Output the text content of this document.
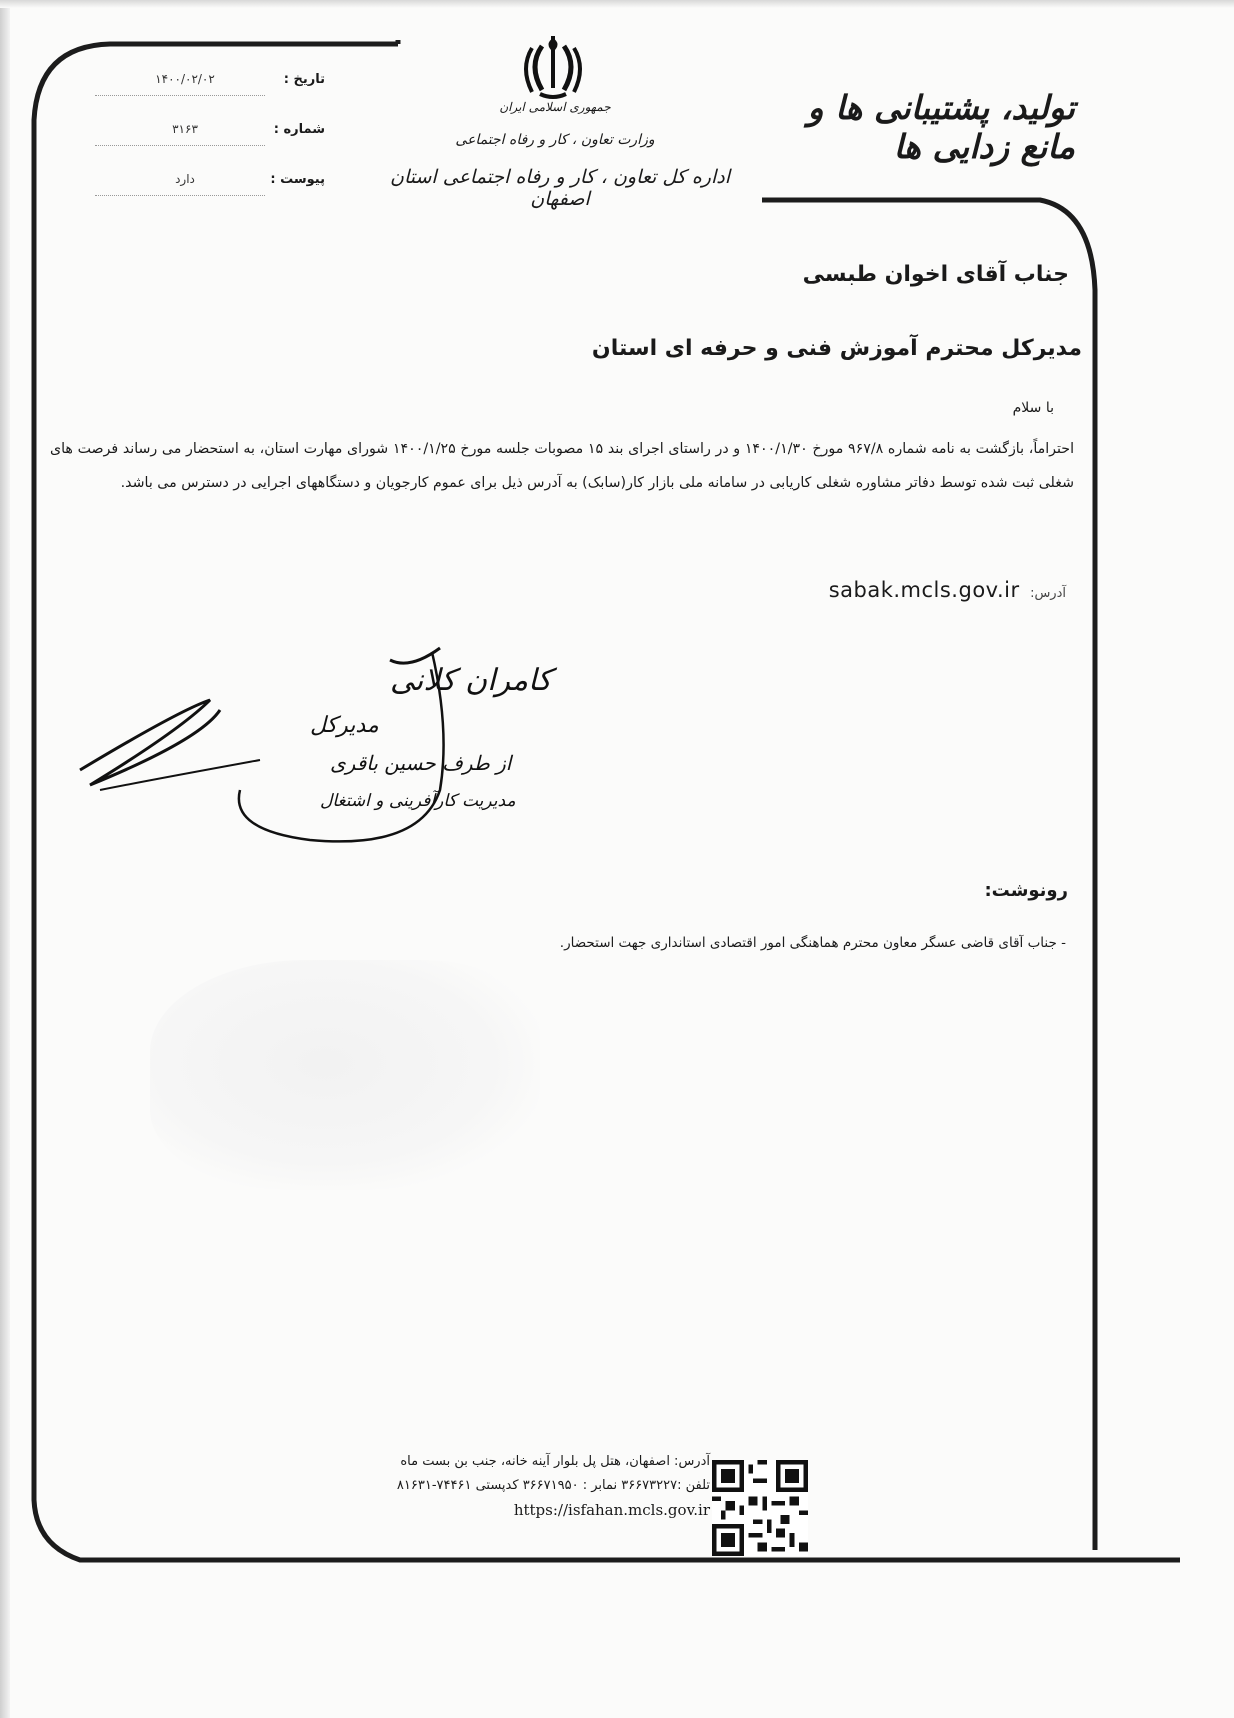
جمهوری اسلامی ایران
وزارت تعاون ، کار و رفاه اجتماعی
اداره کل تعاون ، کار و رفاه اجتماعی استان اصفهان
تولید، پشتیبانی ها و مانع زدایی ها
تاریخ :
۱۴۰۰/۰۲/۰۲
شماره :
۳۱۶۳
پیوست :
دارد
جناب آقای اخوان طبسی
مدیرکل محترم آموزش فنی و حرفه ای استان
با سلام
احتراماً، بازگشت به نامه شماره ۹۶۷/۸ مورخ ۱۴۰۰/۱/۳۰ و در راستای اجرای بند ۱۵ مصوبات جلسه مورخ ۱۴۰۰/۱/۲۵ شورای مهارت استان، به استحضار می رساند فرصت های شغلی ثبت شده توسط دفاتر مشاوره شغلی کاریابی در سامانه ملی بازار کار(سابک) به آدرس ذیل برای عموم کارجویان و دستگاههای اجرایی در دسترس می باشد.
آدرس: sabak.mcls.gov.ir
کامران کلانی
مدیرکل
از طرف حسین باقری
مدیریت کارآفرینی و اشتغال
رونوشت:
- جناب آقای قاضی عسگر معاون محترم هماهنگی امور اقتصادی استانداری جهت استحضار.
آدرس: اصفهان، هتل پل بلوار آینه خانه، جنب بن بست ماه
تلفن :۳۶۶۷۳۲۲۷ نمابر : ۳۶۶۷۱۹۵۰ کدپستی ۷۴۴۶۱-۸۱۶۳۱
https://isfahan.mcls.gov.ir
